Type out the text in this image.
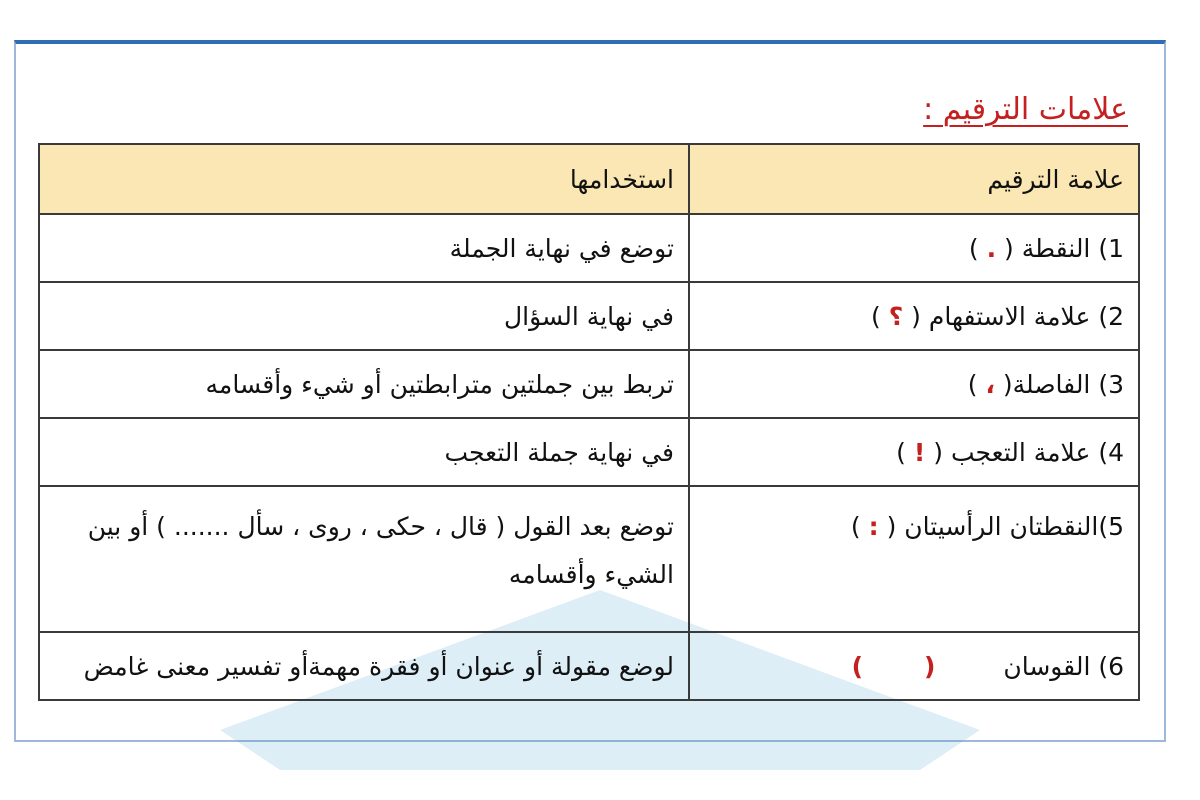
علامات الترقيم :
علامة الترقيم	استخدامها
1) النقطة ( . )	توضع في نهاية الجملة
2) علامة الاستفهام ( ؟ )	في نهاية السؤال
3) الفاصلة( ، )	تربط بين جملتين مترابطتين أو شيء وأقسامه
4) علامة التعجب ( ! )	في نهاية جملة التعجب
5)النقطتان الرأسيتان ( : )	توضع بعد القول ( قال ، حكى ، روى ، سأل ....... ) أو بين الشيء وأقسامه
6) القوسان (       )	لوضع مقولة أو عنوان أو فقرة مهمةأو تفسير معنى غامض
